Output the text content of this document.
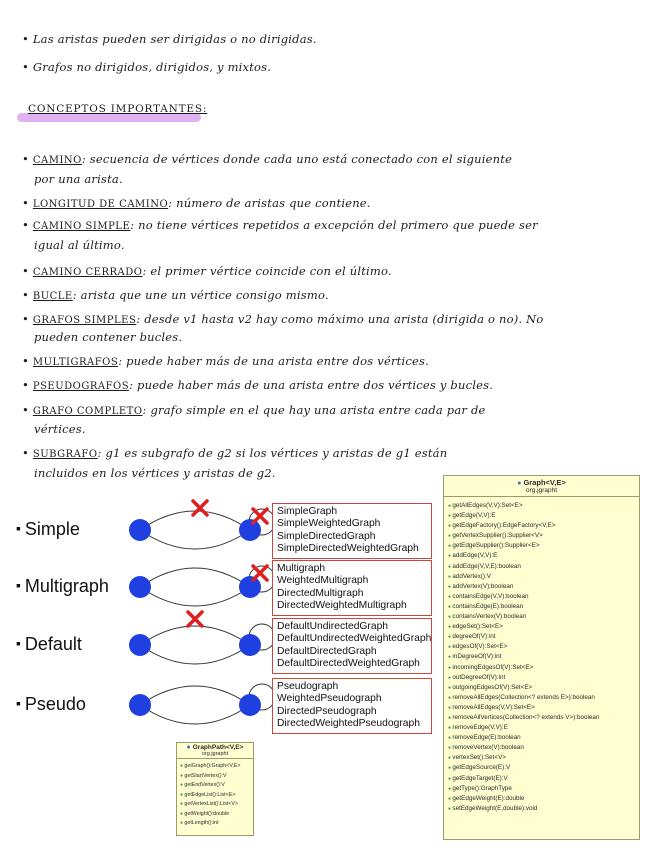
• Las aristas pueden ser dirigidas o no dirigidas.
• Grafos no dirigidos, dirigidos, y mixtos.
CONCEPTOS IMPORTANTES:
▪ Simple
SimpleGraph
SimpleWeightedGraph
SimpleDirectedGraph
SimpleDirectedWeightedGraph
▪ Multigraph
Multigraph
WeightedMultigraph
DirectedMultigraph
DirectedWeightedMultigraph
▪ Default
DefaultUndirectedGraph
DefaultUndirectedWeightedGraph
DefaultDirectedGraph
DefaultDirectedWeightedGraph
▪ Pseudo
Pseudograph
WeightedPseudograph
DirectedPseudograph
DirectedWeightedPseudograph
● Graph<V,E>
org.jgrapht
● getAllEdges(V,V):Set<E>
● getEdge(V,V):E
● getEdgeFactory():EdgeFactory<V,E>
● getVertexSupplier():Supplier<V>
● getEdgeSupplier():Supplier<E>
● addEdge(V,V):E
● addEdge(V,V,E):boolean
● addVertex():V
● addVertex(V):boolean
● containsEdge(V,V):boolean
● containsEdge(E):boolean
● containsVertex(V):boolean
● edgeSet():Set<E>
● degreeOf(V):int
● edgesOf(V):Set<E>
● inDegreeOf(V):int
● incomingEdgesOf(V):Set<E>
● outDegreeOf(V):int
● outgoingEdgesOf(V):Set<E>
● removeAllEdges(Collection<? extends E>):boolean
● removeAllEdges(V,V):Set<E>
● removeAllVertices(Collection<? extends V>):boolean
● removeEdge(V,V):E
● removeEdge(E):boolean
● removeVertex(V):boolean
● vertexSet():Set<V>
● getEdgeSource(E):V
● getEdgeTarget(E):V
● getType():GraphType
● getEdgeWeight(E):double
● setEdgeWeight(E,double):void
● GraphPath<V,E>
org.jgrapht
● getGraph():Graph<V,E>
● getStartVertex():V
● getEndVertex():V
● getEdgeList():List<E>
● getVertexList():List<V>
● getWeight():double
● getLength():int
• CAMINO: secuencia de vértices donde cada uno está conectado con el siguiente
por una arista.
• LONGITUD DE CAMINO: número de aristas que contiene.
• CAMINO SIMPLE: no tiene vértices repetidos a excepción del primero que puede ser
igual al último.
• CAMINO CERRADO: el primer vértice coincide con el último.
• BUCLE: arista que une un vértice consigo mismo.
• GRAFOS SIMPLES: desde v1 hasta v2 hay como máximo una arista (dirigida o no). No
pueden contener bucles.
• MULTIGRAFOS: puede haber más de una arista entre dos vértices.
• PSEUDOGRAFOS: puede haber más de una arista entre dos vértices y bucles.
• GRAFO COMPLETO: grafo simple en el que hay una arista entre cada par de
vértices.
• SUBGRAFO: g1 es subgrafo de g2 si los vértices y aristas de g1 están
incluidos en los vértices y aristas de g2.
